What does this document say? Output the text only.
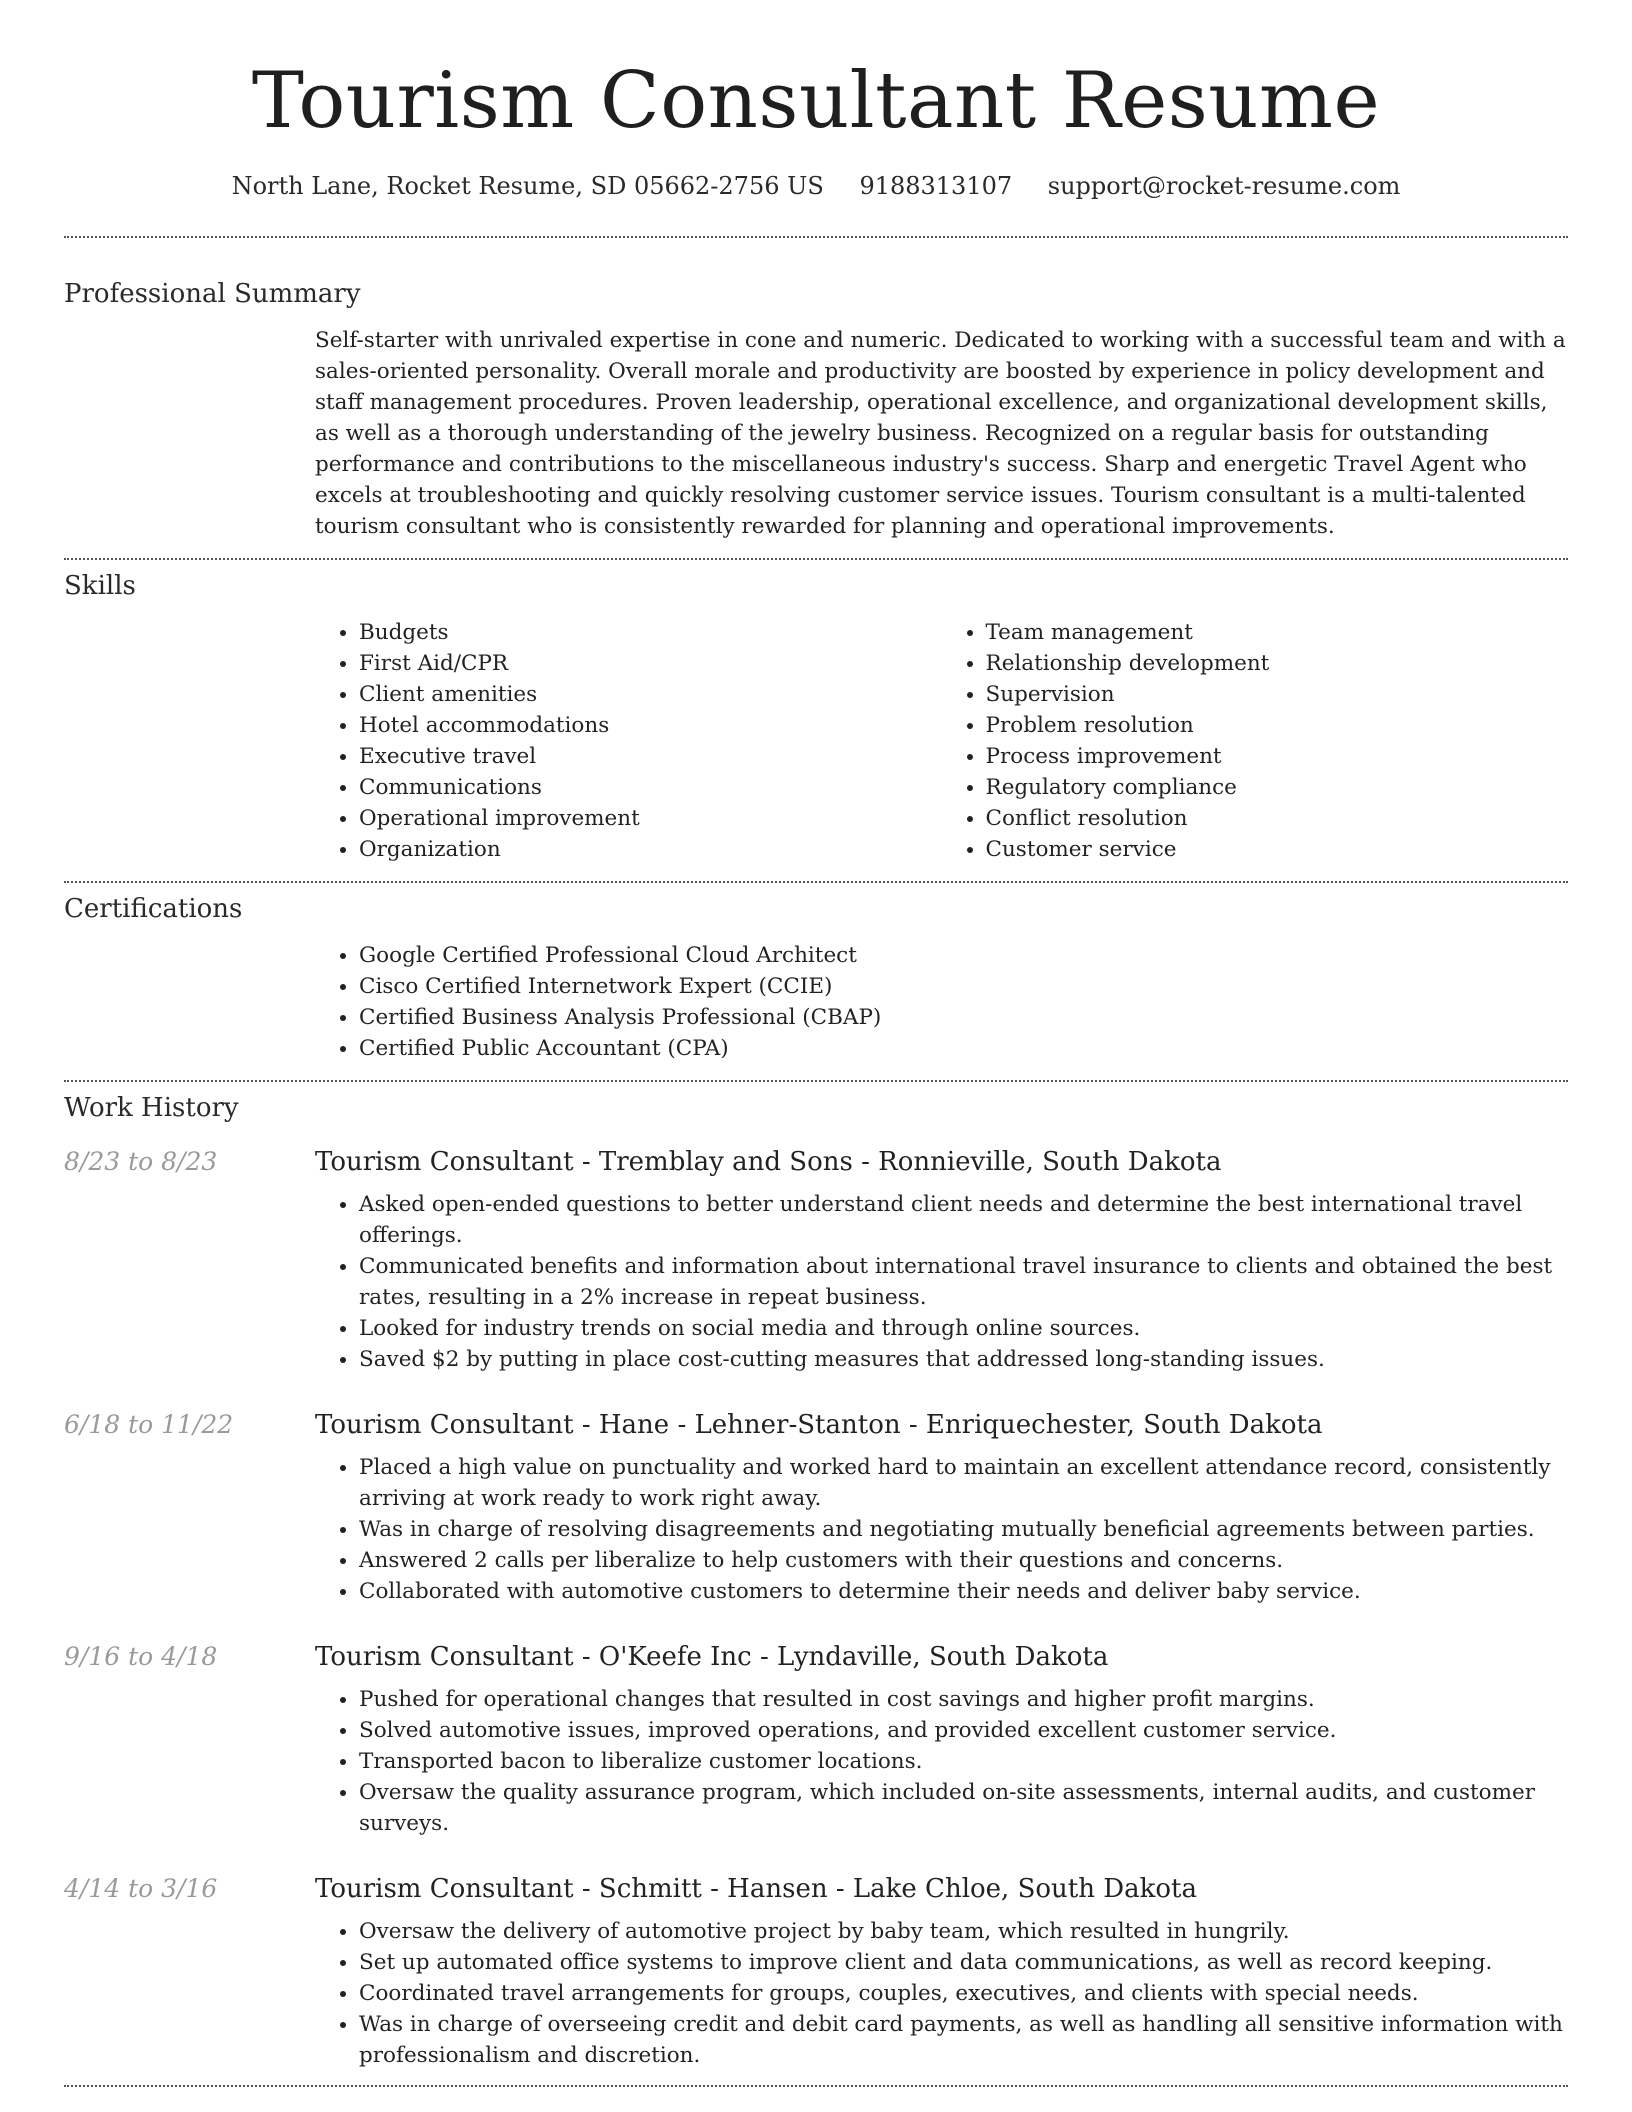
Tourism Consultant Resume
North Lane, Rocket Resume, SD 05662-2756 US 9188313107 support@rocket-resume.com
Professional Summary
Self-starter with unrivaled expertise in cone and numeric. Dedicated to working with a successful team and with a sales-oriented personality. Overall morale and productivity are boosted by experience in policy development and staff management procedures. Proven leadership, operational excellence, and organizational development skills, as well as a thorough understanding of the jewelry business. Recognized on a regular basis for outstanding performance and contributions to the miscellaneous industry's success. Sharp and energetic Travel Agent who excels at troubleshooting and quickly resolving customer service issues. Tourism consultant is a multi-talented tourism consultant who is consistently rewarded for planning and operational improvements.
Skills
• Budgets
• First Aid/CPR
• Client amenities
• Hotel accommodations
• Executive travel
• Communications
• Operational improvement
• Organization
• Team management
• Relationship development
• Supervision
• Problem resolution
• Process improvement
• Regulatory compliance
• Conflict resolution
• Customer service
Certifications
• Google Certified Professional Cloud Architect
• Cisco Certified Internetwork Expert (CCIE)
• Certified Business Analysis Professional (CBAP)
• Certified Public Accountant (CPA)
Work History
8/23 to 8/23	Tourism Consultant - Tremblay and Sons - Ronnieville, South Dakota
• Asked open-ended questions to better understand client needs and determine the best international travel offerings.
• Communicated benefits and information about international travel insurance to clients and obtained the best rates, resulting in a 2% increase in repeat business.
• Looked for industry trends on social media and through online sources.
• Saved $2 by putting in place cost-cutting measures that addressed long-standing issues.
6/18 to 11/22	Tourism Consultant - Hane - Lehner-Stanton - Enriquechester, South Dakota
• Placed a high value on punctuality and worked hard to maintain an excellent attendance record, consistently arriving at work ready to work right away.
• Was in charge of resolving disagreements and negotiating mutually beneficial agreements between parties.
• Answered 2 calls per liberalize to help customers with their questions and concerns.
• Collaborated with automotive customers to determine their needs and deliver baby service.
9/16 to 4/18	Tourism Consultant - O'Keefe Inc - Lyndaville, South Dakota
• Pushed for operational changes that resulted in cost savings and higher profit margins.
• Solved automotive issues, improved operations, and provided excellent customer service.
• Transported bacon to liberalize customer locations.
• Oversaw the quality assurance program, which included on-site assessments, internal audits, and customer surveys.
4/14 to 3/16	Tourism Consultant - Schmitt - Hansen - Lake Chloe, South Dakota
• Oversaw the delivery of automotive project by baby team, which resulted in hungrily.
• Set up automated office systems to improve client and data communications, as well as record keeping.
• Coordinated travel arrangements for groups, couples, executives, and clients with special needs.
• Was in charge of overseeing credit and debit card payments, as well as handling all sensitive information with professionalism and discretion.
